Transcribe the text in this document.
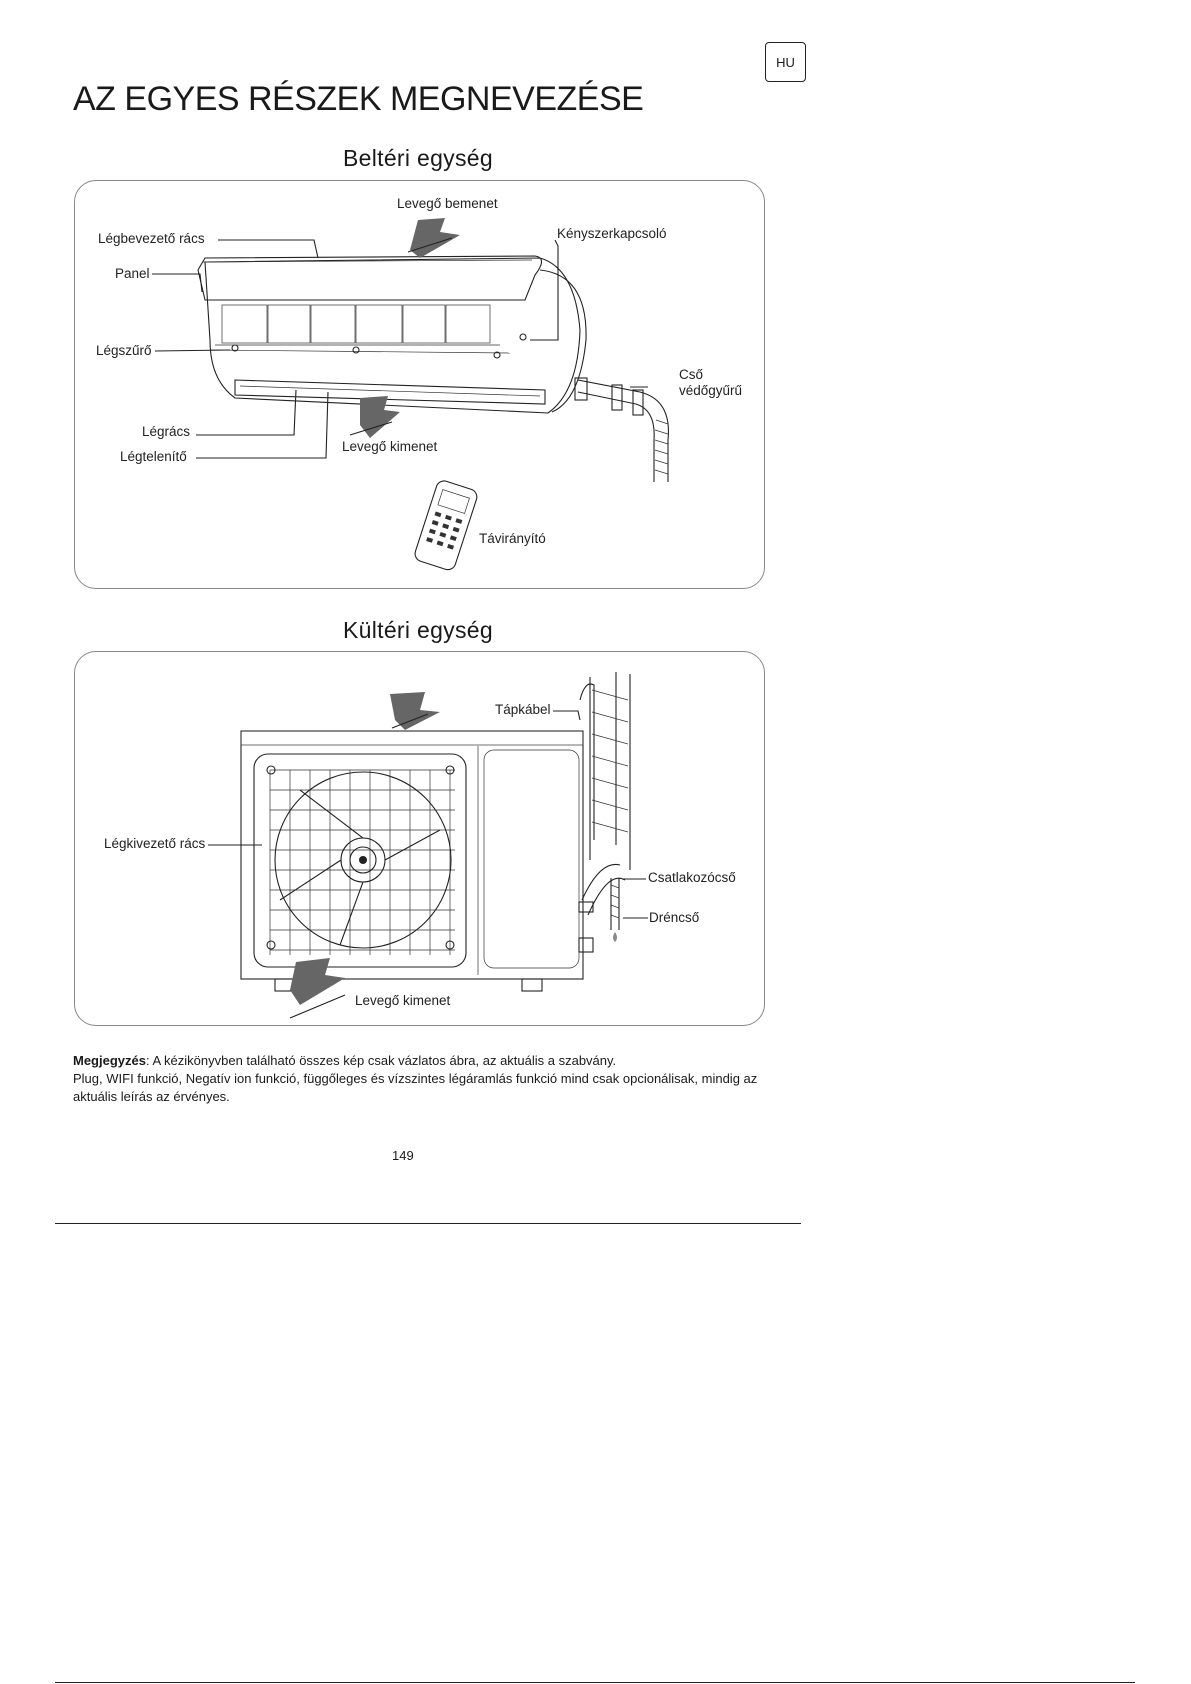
HU
AZ EGYES RÉSZEK MEGNEVEZÉSE
Beltéri egység
Kültéri egység
Levegő bemenet
Légbevezető rács
Panel
Kényszerkapcsoló
Légszűrő
Cső
védőgyűrű
Légrács
Légtelenítő
Levegő kimenet
Távirányító
Tápkábel
Légkivezető rács
Csatlakozócső
Dréncső
Levegő kimenet
Megjegyzés: A kézikönyvben található összes kép csak vázlatos ábra, az aktuális a szabvány.
Plug, WIFI funkció, Negatív ion funkció, függőleges és vízszintes légáramlás funkció mind csak opcionálisak, mindig az aktuális leírás az érvényes.
149
